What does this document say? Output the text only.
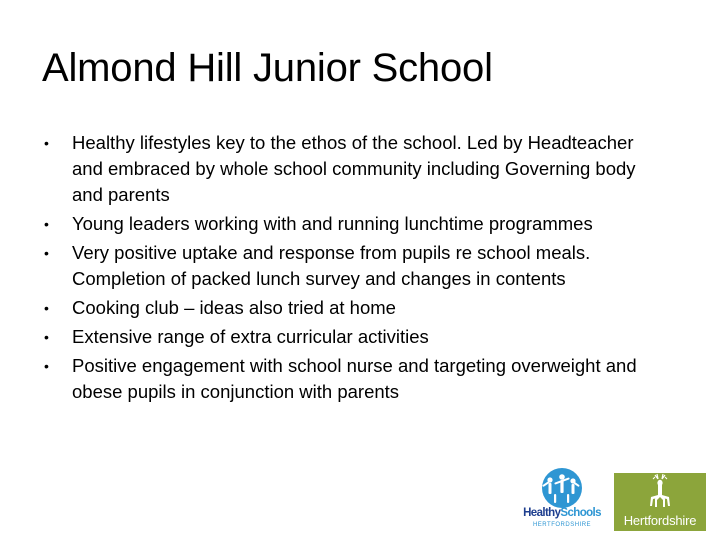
Almond Hill Junior School
• Healthy lifestyles key to the ethos of the school. Led by Headteacher and embraced by whole school community including Governing body and parents
• Young leaders working with and running lunchtime programmes
• Very positive uptake and response from pupils re school meals. Completion of packed lunch survey and changes in contents
• Cooking club – ideas also tried at home
• Extensive range of extra curricular activities
• Positive engagement with school nurse and targeting overweight and obese pupils in conjunction with parents
HealthySchools
HERTFORDSHIRE	Hertfordshire
